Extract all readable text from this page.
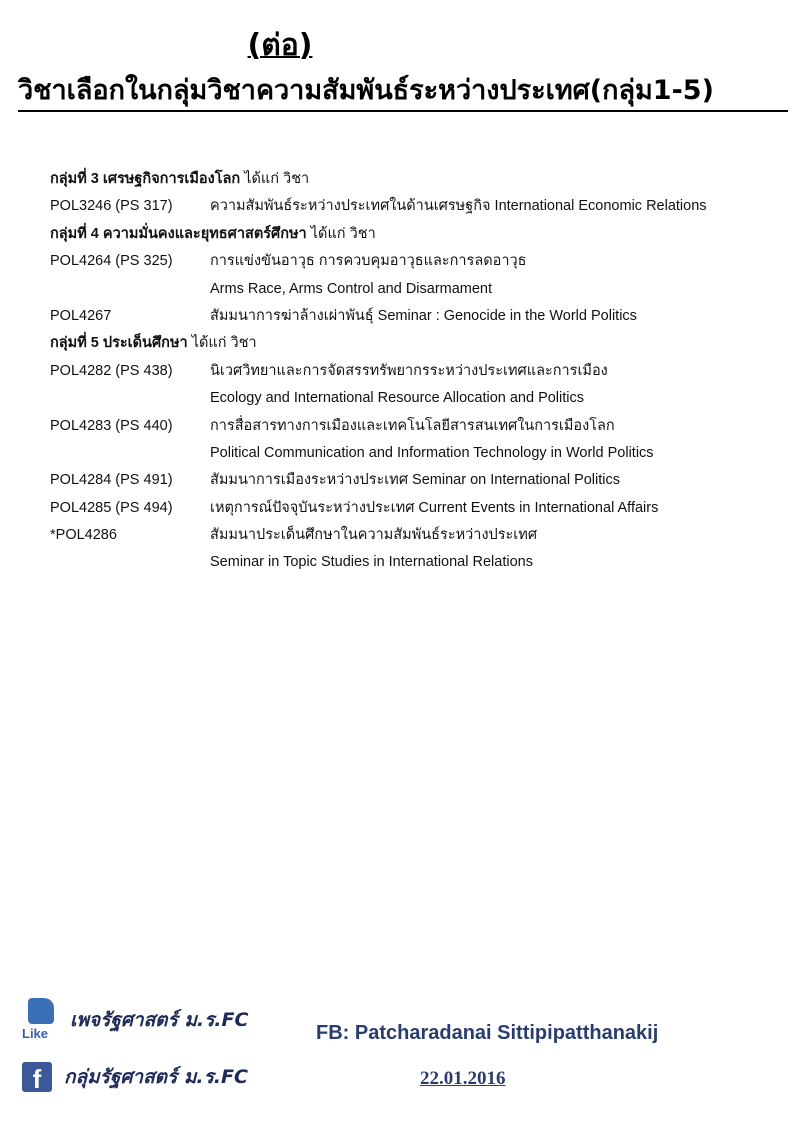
(ต่อ)
วิชาเลือกในกลุ่มวิชาความสัมพันธ์ระหว่างประเทศ(กลุ่ม1-5)
กลุ่มที่ 3 เศรษฐกิจการเมืองโลก ได้แก่ วิชา
POL3246 (PS 317)	ความสัมพันธ์ระหว่างประเทศในด้านเศรษฐกิจ International Economic Relations
กลุ่มที่ 4 ความมั่นคงและยุทธศาสตร์ศึกษา ได้แก่ วิชา
POL4264 (PS 325)	การแข่งขันอาวุธ การควบคุมอาวุธและการลดอาวุธ
Arms Race, Arms Control and Disarmament
POL4267	สัมมนาการฆ่าล้างเผ่าพันธุ์ Seminar : Genocide in the World Politics
กลุ่มที่ 5 ประเด็นศึกษา ได้แก่ วิชา
POL4282 (PS 438)	นิเวศวิทยาและการจัดสรรทรัพยากรระหว่างประเทศและการเมือง
Ecology and International Resource Allocation and Politics
POL4283 (PS 440)	การสื่อสารทางการเมืองและเทคโนโลยีสารสนเทศในการเมืองโลก
Political Communication and Information Technology in World Politics
POL4284 (PS 491)	สัมมนาการเมืองระหว่างประเทศ Seminar on International Politics
POL4285 (PS 494)	เหตุการณ์ปัจจุบันระหว่างประเทศ Current Events in International Affairs
*POL4286	สัมมนาประเด็นศึกษาในความสัมพันธ์ระหว่างประเทศ
Seminar in Topic Studies in International Relations
Like
เพจรัฐศาสตร์ ม.ร.FC
f	กลุ่มรัฐศาสตร์ ม.ร.FC
FB: Patcharadanai Sittipipatthanakij
22.01.2016
